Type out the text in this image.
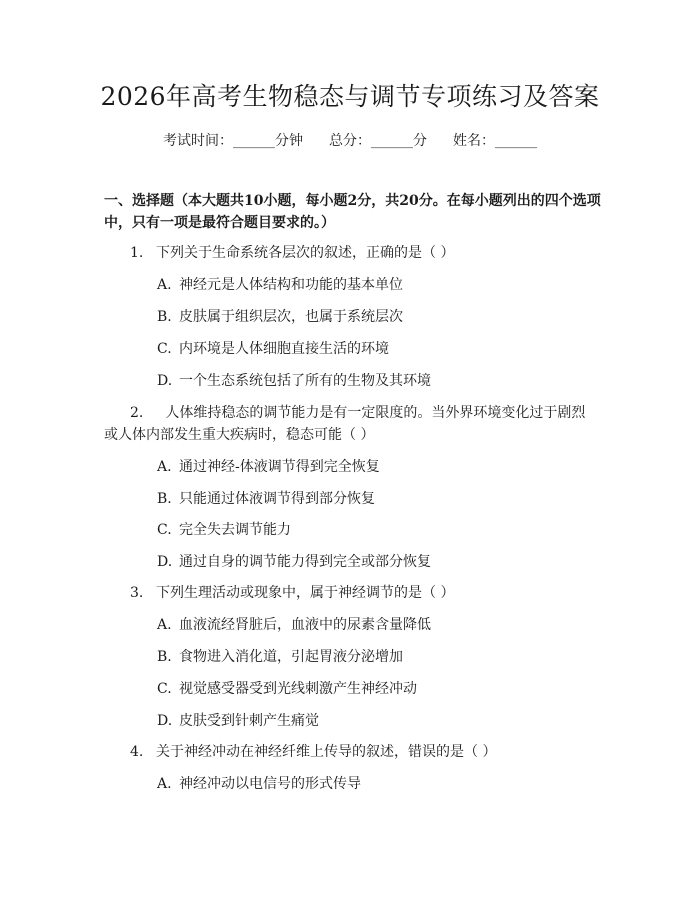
2026年高考生物稳态与调节专项练习及答案
考试时间：______分钟 总分：______分 姓名：______
一、选择题（本大题共10小题，每小题2分，共20分。在每小题列出的四个选项中，只有一项是最符合题目要求的。）
1. 下列关于生命系统各层次的叙述，正确的是（ ）
A. 神经元是人体结构和功能的基本单位
B. 皮肤属于组织层次，也属于系统层次
C. 内环境是人体细胞直接生活的环境
D. 一个生态系统包括了所有的生物及其环境
2. 人体维持稳态的调节能力是有一定限度的。当外界环境变化过于剧烈或人体内部发生重大疾病时，稳态可能（ ）
A. 通过神经-体液调节得到完全恢复
B. 只能通过体液调节得到部分恢复
C. 完全失去调节能力
D. 通过自身的调节能力得到完全或部分恢复
3. 下列生理活动或现象中，属于神经调节的是（ ）
A. 血液流经肾脏后，血液中的尿素含量降低
B. 食物进入消化道，引起胃液分泌增加
C. 视觉感受器受到光线刺激产生神经冲动
D. 皮肤受到针刺产生痛觉
4. 关于神经冲动在神经纤维上传导的叙述，错误的是（ ）
A. 神经冲动以电信号的形式传导
